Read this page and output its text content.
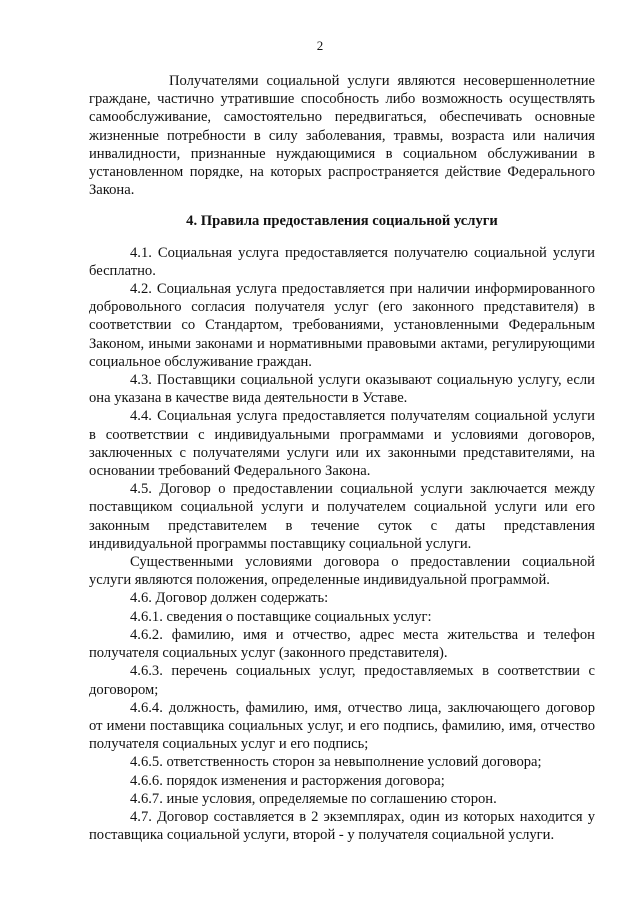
2

Получателями социальной услуги являются несовершеннолетние граждане, частично утратившие способность либо возможность осуществлять самообслуживание, самостоятельно передвигаться, обеспечивать основные жизненные потребности в силу заболевания, травмы, возраста или наличия инвалидности, признанные нуждающимися в социальном обслуживании в установленном порядке, на которых распространяется действие Федерального Закона.

4. Правила предоставления социальной услуги

4.1. Социальная услуга предоставляется получателю социальной услуги бесплатно.

4.2. Социальная услуга предоставляется при наличии информированного добровольного согласия получателя услуг (его законного представителя) в соответствии со Стандартом, требованиями, установленными Федеральным Законом, иными законами и нормативными правовыми актами, регулирующими социальное обслуживание граждан.

4.3. Поставщики социальной услуги оказывают социальную услугу, если она указана в качестве вида деятельности в Уставе.

4.4. Социальная услуга предоставляется получателям социальной услуги в соответствии с индивидуальными программами и условиями договоров, заключенных с получателями услуги или их законными представителями, на основании требований Федерального Закона.

4.5. Договор о предоставлении социальной услуги заключается между поставщиком социальной услуги и получателем социальной услуги или его законным представителем в течение суток с даты представления индивидуальной программы поставщику социальной услуги.

Существенными условиями договора о предоставлении социальной услуги являются положения, определенные индивидуальной программой.

4.6. Договор должен содержать:

4.6.1. сведения о поставщике социальных услуг:

4.6.2. фамилию, имя и отчество, адрес места жительства и телефон получателя социальных услуг (законного представителя).

4.6.3. перечень социальных услуг, предоставляемых в соответствии с договором;

4.6.4. должность, фамилию, имя, отчество лица, заключающего договор от имени поставщика социальных услуг, и его подпись, фамилию, имя, отчество получателя социальных услуг и его подпись;

4.6.5. ответственность сторон за невыполнение условий договора;

4.6.6. порядок изменения и расторжения договора;

4.6.7. иные условия, определяемые по соглашению сторон.

4.7. Договор составляется в 2 экземплярах, один из которых находится у поставщика социальной услуги, второй - у получателя социальной услуги.
